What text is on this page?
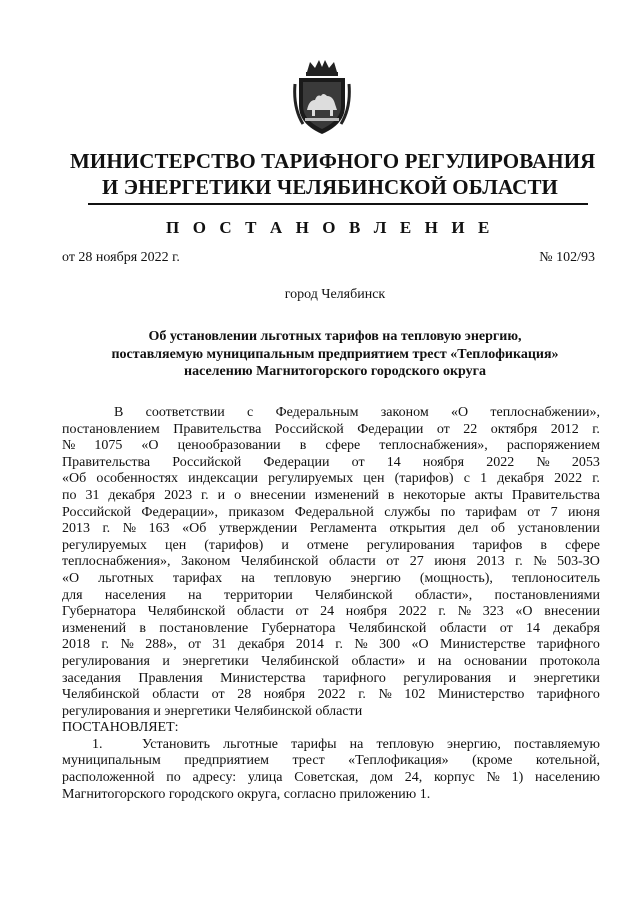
МИНИСТЕРСТВО ТАРИФНОГО РЕГУЛИРОВАНИЯ
И ЭНЕРГЕТИКИ ЧЕЛЯБИНСКОЙ ОБЛАСТИ
П О С Т А Н О В Л Е Н И Е
от 28 ноября 2022 г.	№ 102/93
город Челябинск
Об установлении льготных тарифов на тепловую энергию,
поставляемую муниципальным предприятием трест «Теплофикация»
населению Магнитогорского городского округа
В соответствии с Федеральным законом «О теплоснабжении»,
постановлением Правительства Российской Федерации от 22 октября 2012 г.
№ 1075 «О ценообразовании в сфере теплоснабжения», распоряжением
Правительства Российской Федерации от 14 ноября 2022 № 2053
«Об особенностях индексации регулируемых цен (тарифов) с 1 декабря 2022 г.
по 31 декабря 2023 г. и о внесении изменений в некоторые акты Правительства
Российской Федерации», приказом Федеральной службы по тарифам от 7 июня
2013 г. № 163 «Об утверждении Регламента открытия дел об установлении
регулируемых цен (тарифов) и отмене регулирования тарифов в сфере
теплоснабжения», Законом Челябинской области от 27 июня 2013 г. № 503-ЗО
«О льготных тарифах на тепловую энергию (мощность), теплоноситель
для населения на территории Челябинской области», постановлениями
Губернатора Челябинской области от 24 ноября 2022 г. № 323 «О внесении
изменений в постановление Губернатора Челябинской области от 14 декабря
2018 г. № 288», от 31 декабря 2014 г. № 300 «О Министерстве тарифного
регулирования и энергетики Челябинской области» и на основании протокола
заседания Правления Министерства тарифного регулирования и энергетики
Челябинской области от 28 ноября 2022 г. № 102 Министерство тарифного
регулирования и энергетики Челябинской области
ПОСТАНОВЛЯЕТ:
1.	Установить льготные тарифы на тепловую энергию, поставляемую
муниципальным предприятием трест «Теплофикация» (кроме котельной,
расположенной по адресу: улица Советская, дом 24, корпус № 1) населению
Магнитогорского городского округа, согласно приложению 1.
